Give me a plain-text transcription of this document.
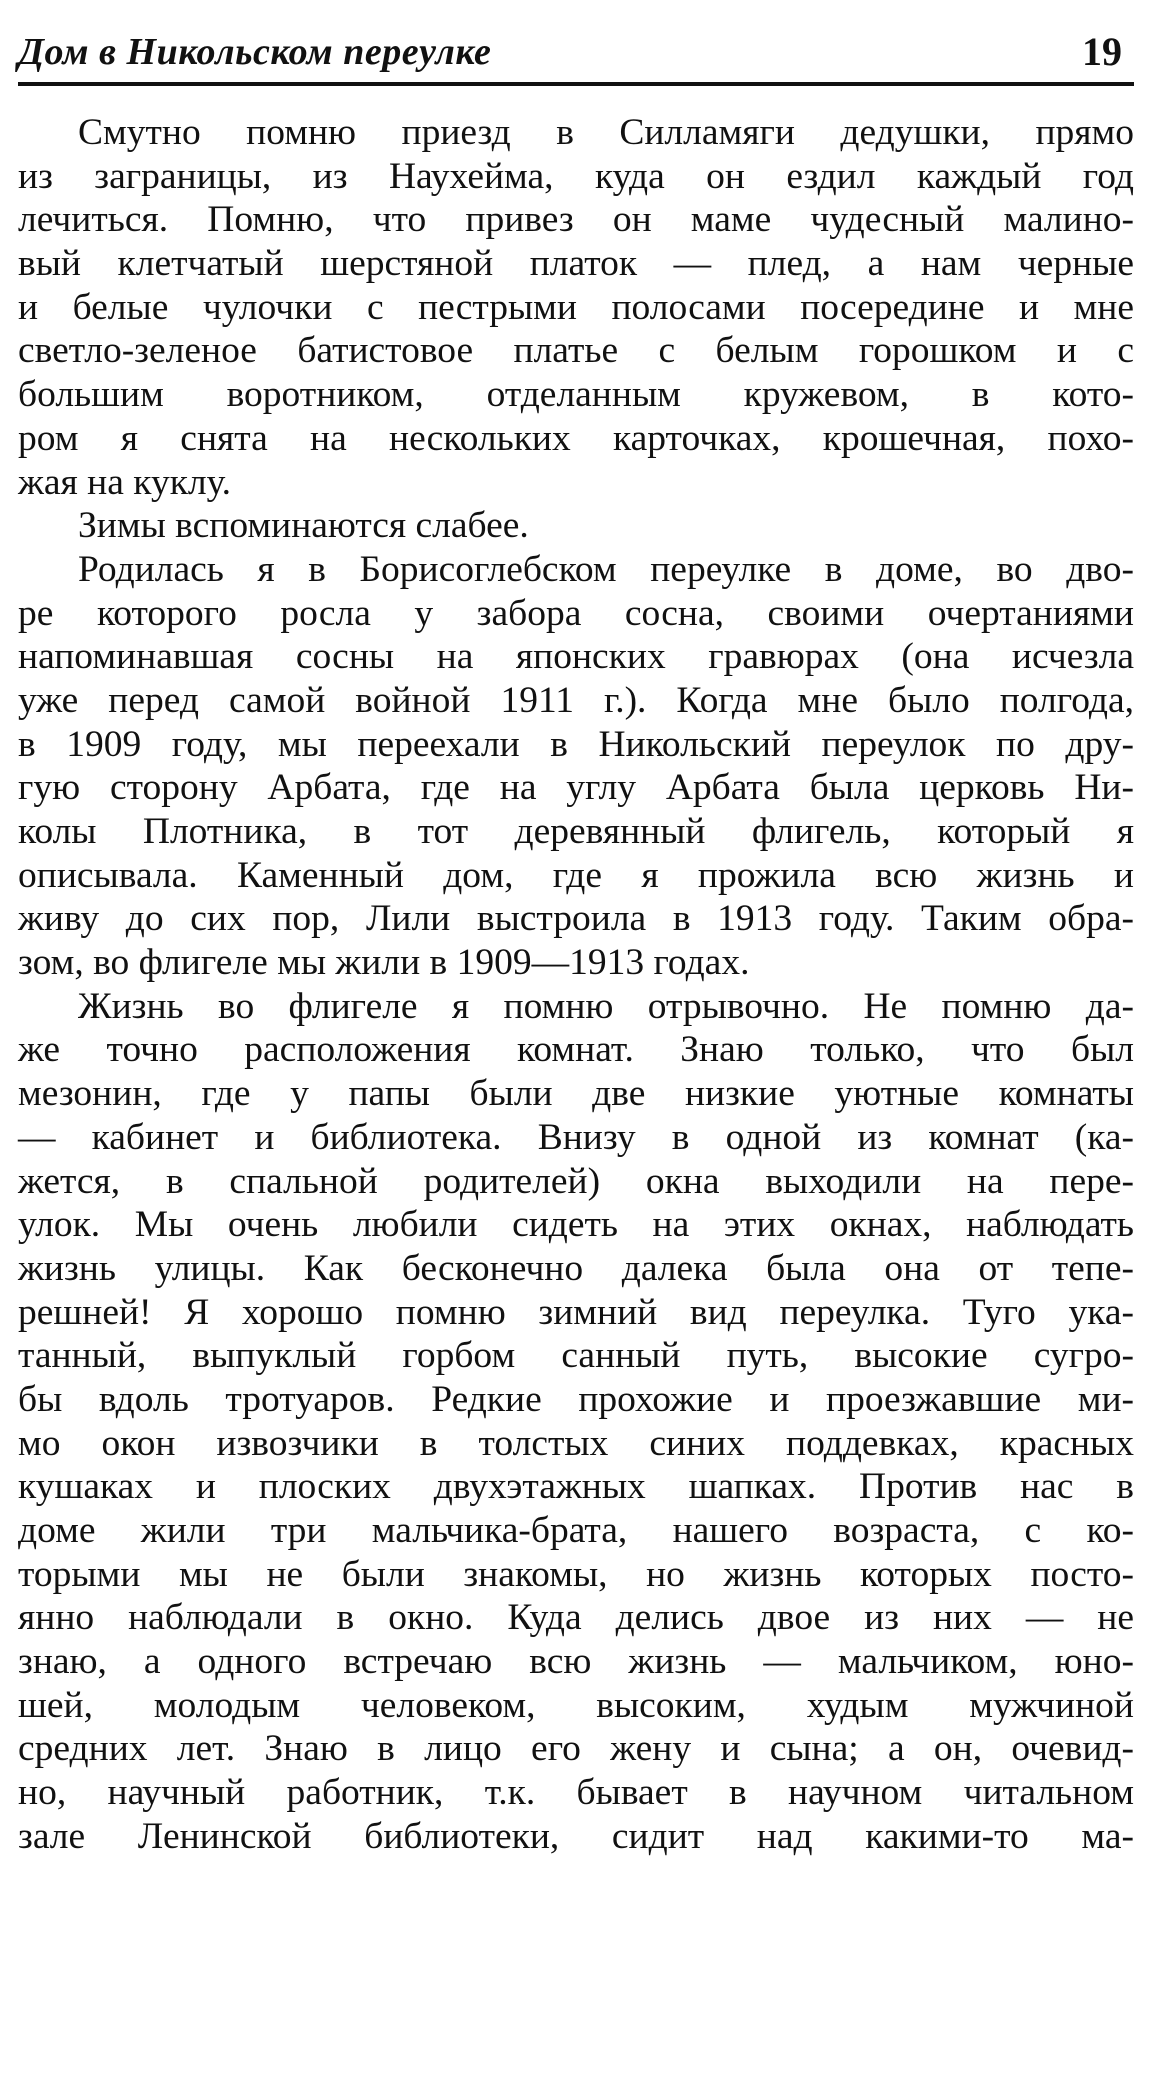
Дом в Никольском переулке	19
Смутно помню приезд в Силламяги дедушки, прямо
из заграницы, из Наухейма, куда он ездил каждый год
лечиться. Помню, что привез он маме чудесный малино-
вый клетчатый шерстяной платок — плед, а нам черные
и белые чулочки с пестрыми полосами посередине и мне
светло-зеленое батистовое платье с белым горошком и с
большим воротником, отделанным кружевом, в кото-
ром я снята на нескольких карточках, крошечная, похо-
жая на куклу.
Зимы вспоминаются слабее.
Родилась я в Борисоглебском переулке в доме, во дво-
ре которого росла у забора сосна, своими очертаниями
напоминавшая сосны на японских гравюрах (она исчезла
уже перед самой войной 1911 г.). Когда мне было полгода,
в 1909 году, мы переехали в Никольский переулок по дру-
гую сторону Арбата, где на углу Арбата была церковь Ни-
колы Плотника, в тот деревянный флигель, который я
описывала. Каменный дом, где я прожила всю жизнь и
живу до сих пор, Лили выстроила в 1913 году. Таким обра-
зом, во флигеле мы жили в 1909—1913 годах.
Жизнь во флигеле я помню отрывочно. Не помню да-
же точно расположения комнат. Знаю только, что был
мезонин, где у папы были две низкие уютные комнаты
— кабинет и библиотека. Внизу в одной из комнат (ка-
жется, в спальной родителей) окна выходили на пере-
улок. Мы очень любили сидеть на этих окнах, наблюдать
жизнь улицы. Как бесконечно далека была она от тепе-
решней! Я хорошо помню зимний вид переулка. Туго ука-
танный, выпуклый горбом санный путь, высокие сугро-
бы вдоль тротуаров. Редкие прохожие и проезжавшие ми-
мо окон извозчики в толстых синих поддевках, красных
кушаках и плоских двухэтажных шапках. Против нас в
доме жили три мальчика-брата, нашего возраста, с ко-
торыми мы не были знакомы, но жизнь которых посто-
янно наблюдали в окно. Куда делись двое из них — не
знаю, а одного встречаю всю жизнь — мальчиком, юно-
шей, молодым человеком, высоким, худым мужчиной
средних лет. Знаю в лицо его жену и сына; а он, очевид-
но, научный работник, т.к. бывает в научном читальном
зале Ленинской библиотеки, сидит над какими-то ма-
